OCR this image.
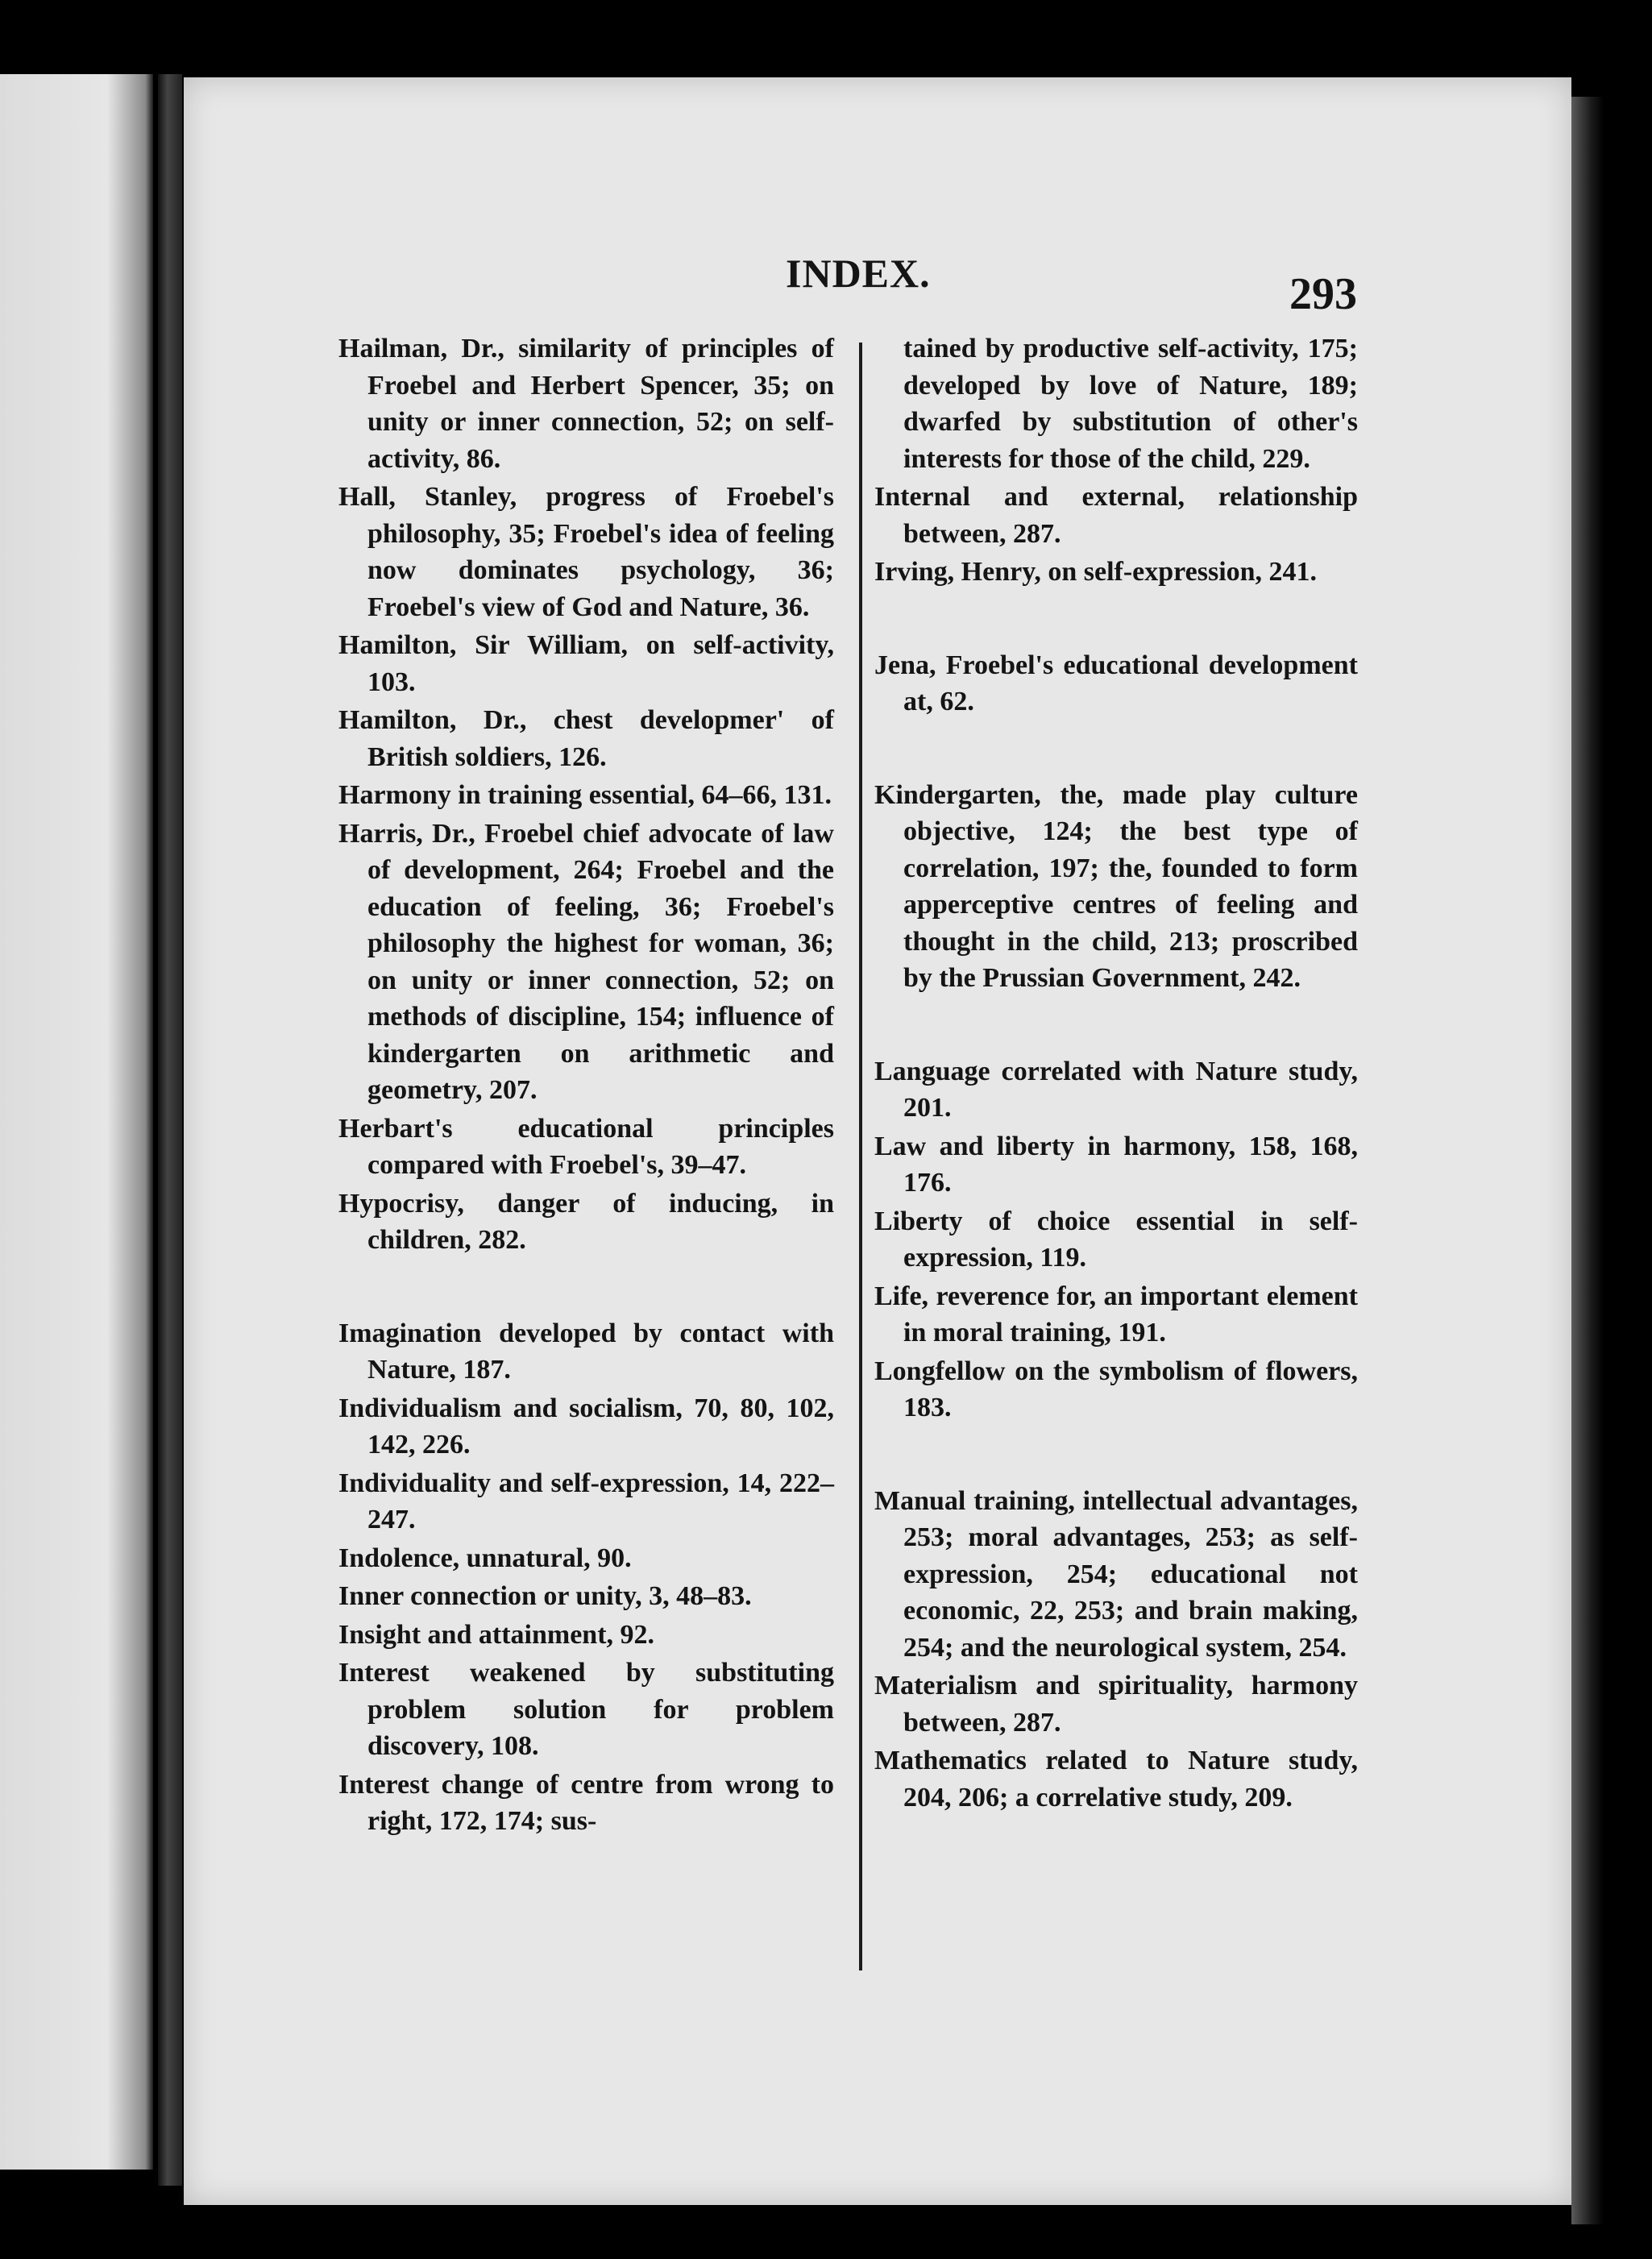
INDEX.	293

Hailman, Dr., similarity of principles of Froebel and Herbert Spencer, 35; on unity or inner connection, 52; on self-activity, 86.

Hall, Stanley, progress of Froebel's philosophy, 35; Froebel's idea of feeling now dominates psychology, 36; Froebel's view of God and Nature, 36.

Hamilton, Sir William, on self-activity, 103.

Hamilton, Dr., chest developmer' of British soldiers, 126.

Harmony in training essential, 64–66, 131.

Harris, Dr., Froebel chief advocate of law of development, 264; Froebel and the education of feeling, 36; Froebel's philosophy the highest for woman, 36; on unity or inner connection, 52; on methods of discipline, 154; influence of kindergarten on arithmetic and geometry, 207.

Herbart's educational principles compared with Froebel's, 39–47.

Hypocrisy, danger of inducing, in children, 282.

Imagination developed by contact with Nature, 187.

Individualism and socialism, 70, 80, 102, 142, 226.

Individuality and self-expression, 14, 222–247.

Indolence, unnatural, 90.

Inner connection or unity, 3, 48–83.

Insight and attainment, 92.

Interest weakened by substituting problem solution for problem discovery, 108.

Interest change of centre from wrong to right, 172, 174; sus-

tained by productive self-activity, 175; developed by love of Nature, 189; dwarfed by substitution of other's interests for those of the child, 229.

Internal and external, relationship between, 287.

Irving, Henry, on self-expression, 241.

Jena, Froebel's educational development at, 62.

Kindergarten, the, made play culture objective, 124; the best type of correlation, 197; the, founded to form apperceptive centres of feeling and thought in the child, 213; proscribed by the Prussian Government, 242.

Language correlated with Nature study, 201.

Law and liberty in harmony, 158, 168, 176.

Liberty of choice essential in self-expression, 119.

Life, reverence for, an important element in moral training, 191.

Longfellow on the symbolism of flowers, 183.

Manual training, intellectual advantages, 253; moral advantages, 253; as self-expression, 254; educational not economic, 22, 253; and brain making, 254; and the neurological system, 254.

Materialism and spirituality, harmony between, 287.

Mathematics related to Nature study, 204, 206; a correlative study, 209.
